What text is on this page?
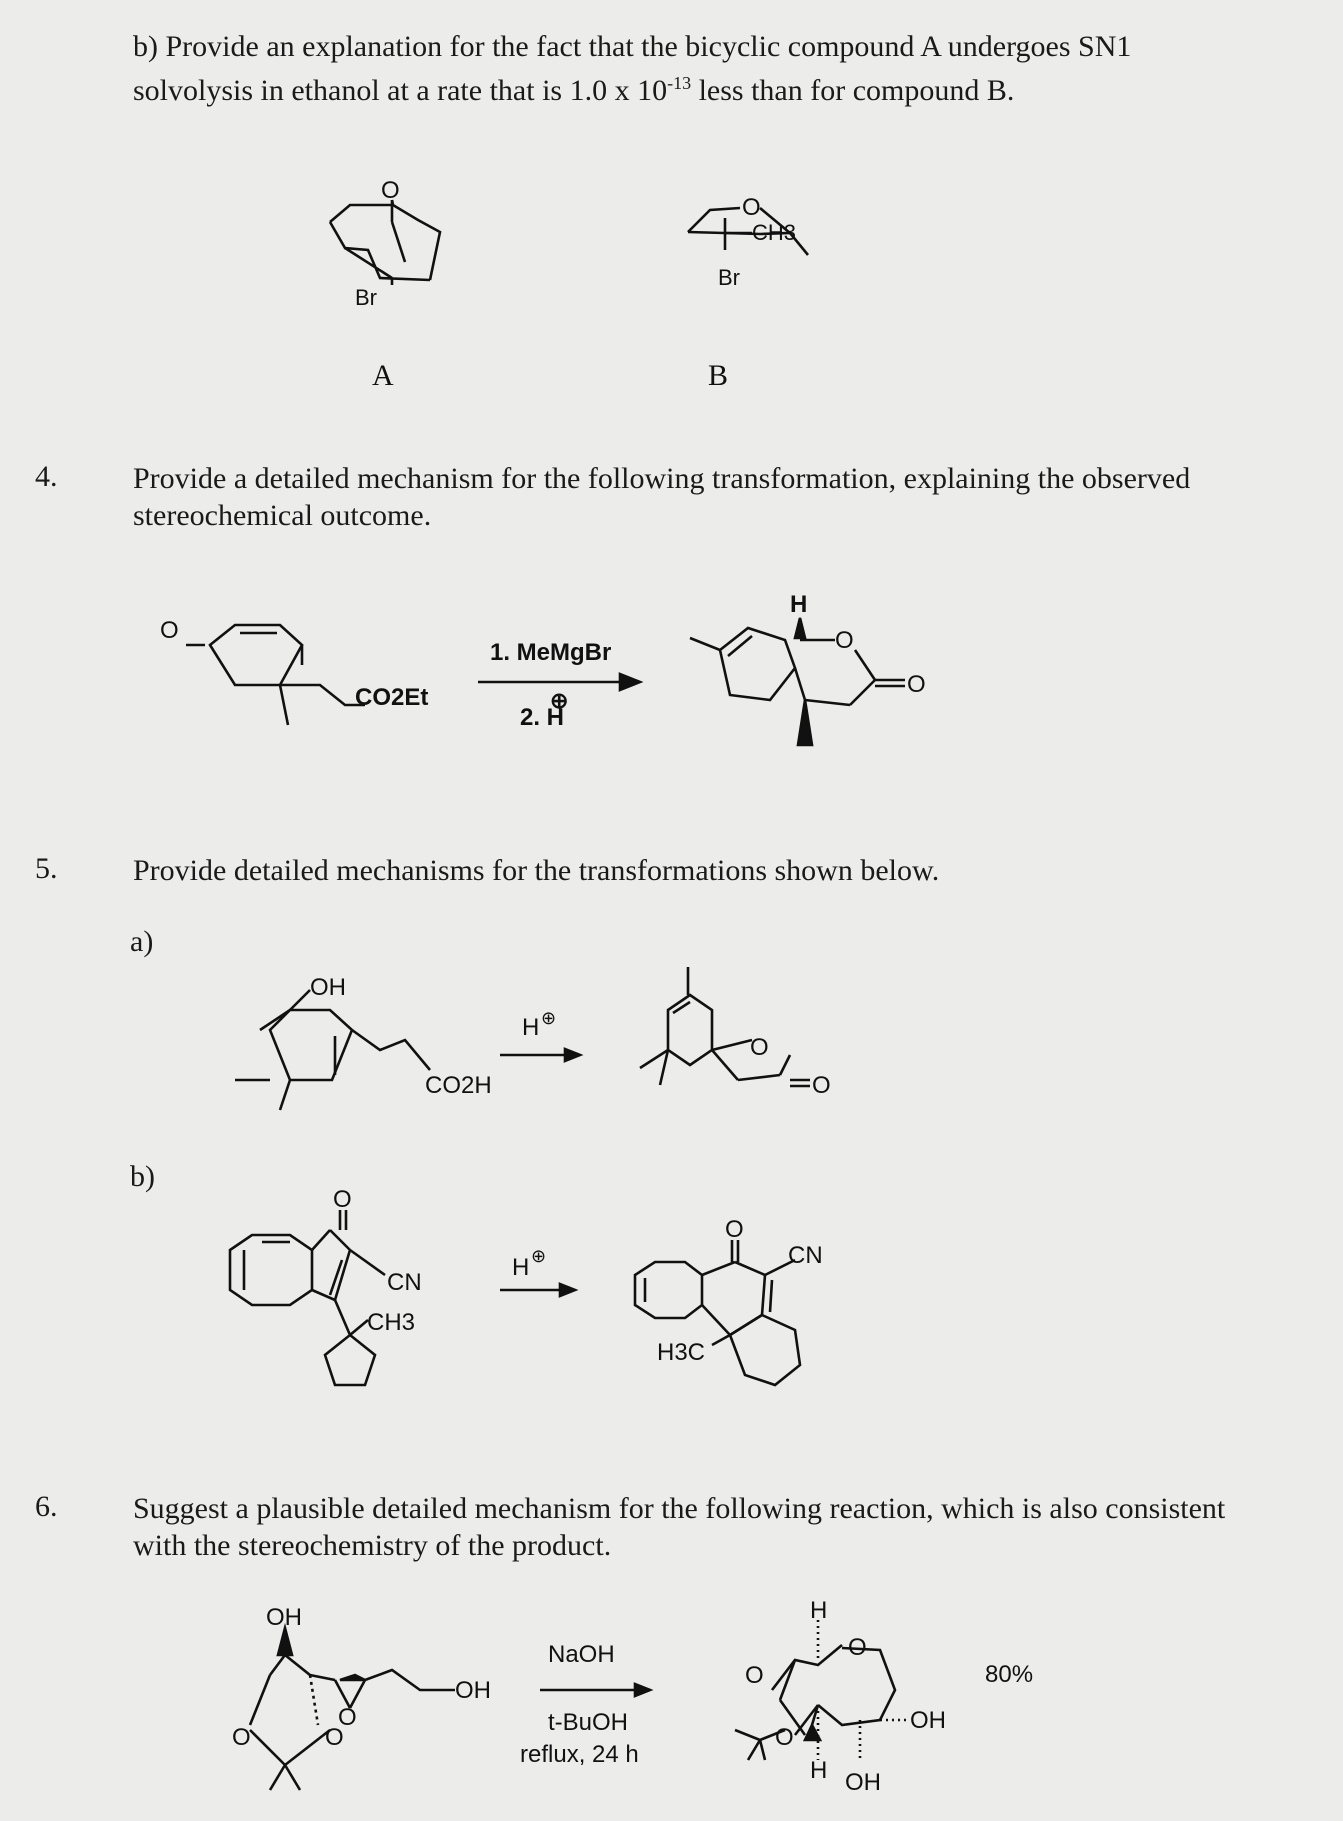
b) Provide an explanation for the fact that the bicyclic compound A undergoes SN1
solvolysis in ethanol at a rate that is 1.0 x $10^{-13}$ less than for compound B.
O
Br
A
O
CH3
Br
B
4.	Provide a detailed mechanism for the following transformation, explaining the observed
stereochemical outcome.
O
CO2Et
1. MeMgBr
2. H
⊕
H
O
O
5.	Provide detailed mechanisms for the transformations shown below.
a)
b)
OH
CO2H
H ⊕
O
O
O
CN
CH3
H ⊕
O
CN
H3C
6.	Suggest a plausible detailed mechanism for the following reaction, which is also consistent
with the stereochemistry of the product.
OH
O
OH
O	O
NaOH
t-BuOH
reflux, 24 h
H
O
O
O
H
OH
OH
80%
